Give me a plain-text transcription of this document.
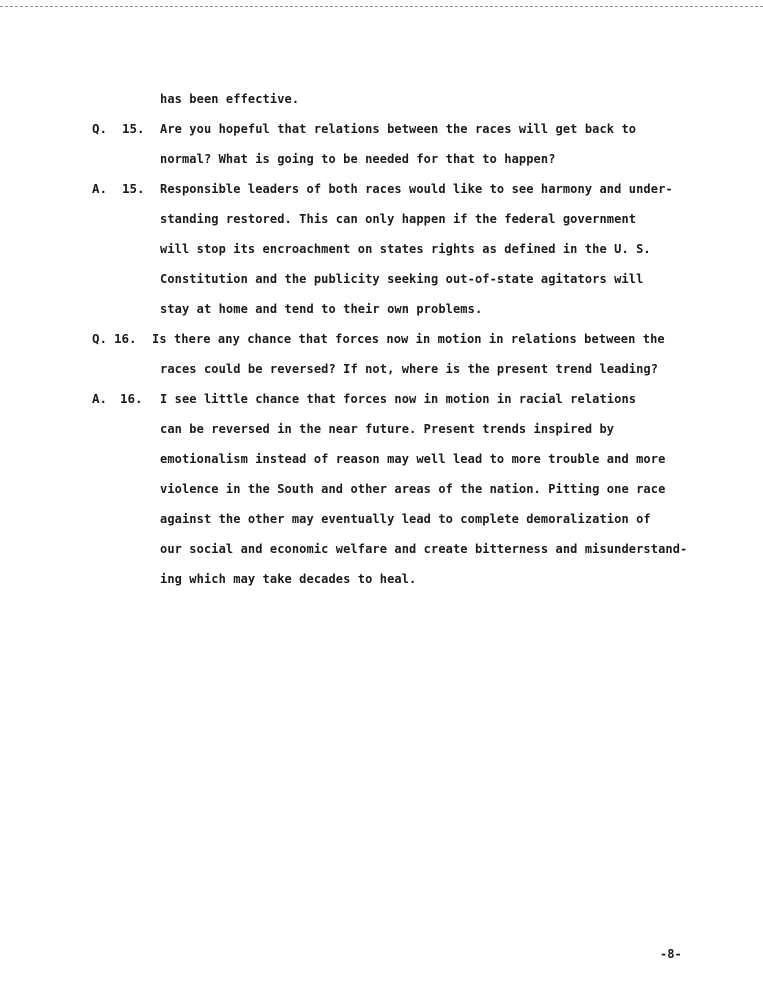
has been effective.
Q. 15. Are you hopeful that relations between the races will get back to
normal? What is going to be needed for that to happen?
A. 15. Responsible leaders of both races would like to see harmony and under-
standing restored. This can only happen if the federal government
will stop its encroachment on states rights as defined in the U. S.
Constitution and the publicity seeking out-of-state agitators will
stay at home and tend to their own problems.
Q. 16. Is there any chance that forces now in motion in relations between the
races could be reversed? If not, where is the present trend leading?
A. 16. I see little chance that forces now in motion in racial relations
can be reversed in the near future. Present trends inspired by
emotionalism instead of reason may well lead to more trouble and more
violence in the South and other areas of the nation. Pitting one race
against the other may eventually lead to complete demoralization of
our social and economic welfare and create bitterness and misunderstand-
ing which may take decades to heal.
-8-
